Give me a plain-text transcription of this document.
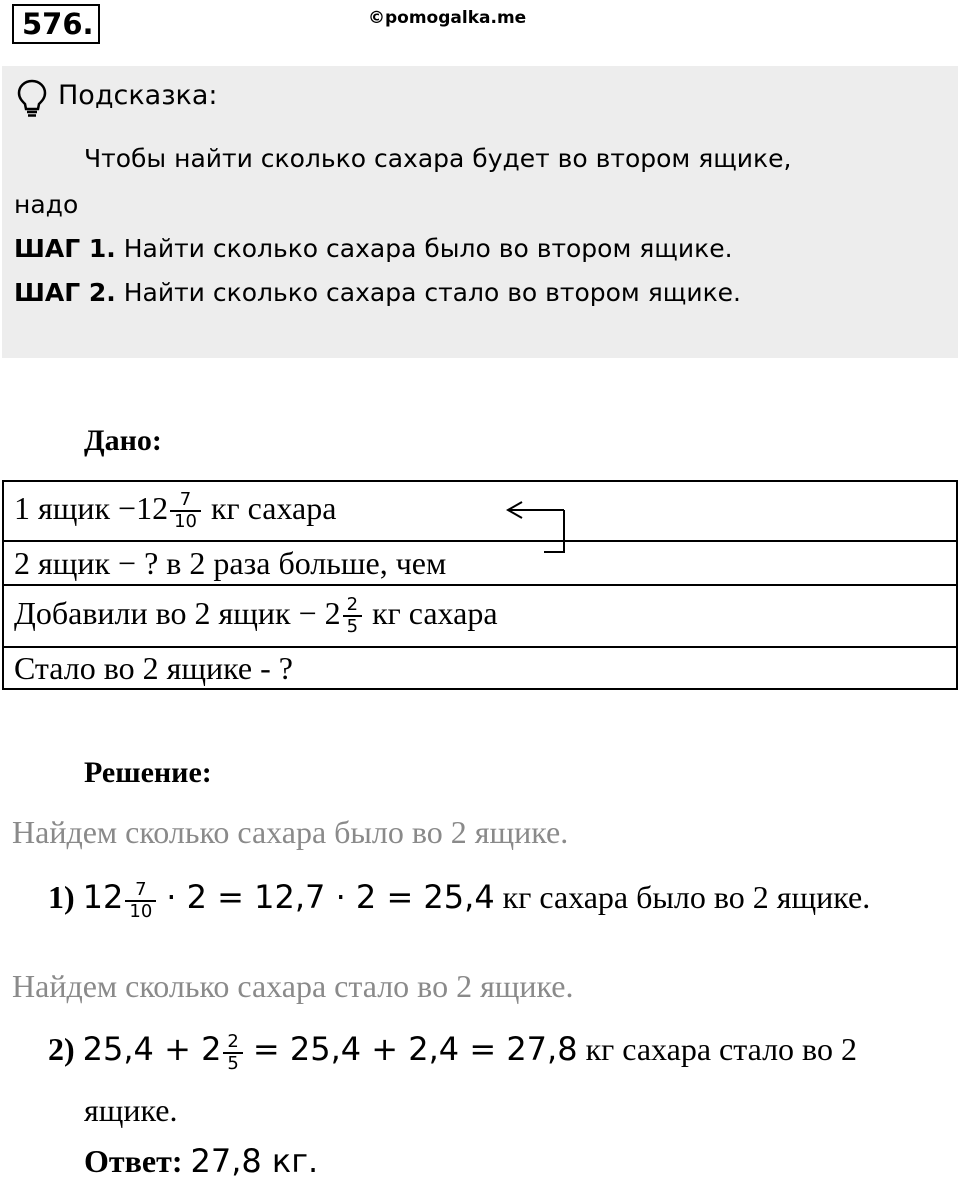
576.	©pomogalka.me
Подсказка:
Чтобы найти сколько сахара будет во втором ящике,
надо
ШАГ 1. Найти сколько сахара было во втором ящике.
ШАГ 2. Найти сколько сахара стало во втором ящике.
Дано:
1 ящик $-12 \frac{7}{10}$ кг сахара
2 ящик − ? в 2 раза больше, чем
Добавили во 2 ящик − $2 \frac{2}{5}$ кг сахара
Стало во 2 ящике - ?
Решение:
Найдем сколько сахара было во 2 ящике.
1) $12 \frac{7}{10} \cdot 2 = 12,7 \cdot 2 = 25,4$ кг сахара было во 2 ящике.
Найдем сколько сахара стало во 2 ящике.
2) $25,4 + 2 \frac{2}{5} = 25,4 + 2,4 = 27,8$ кг сахара стало во 2
ящике.
Ответ: 27,8 кг.
